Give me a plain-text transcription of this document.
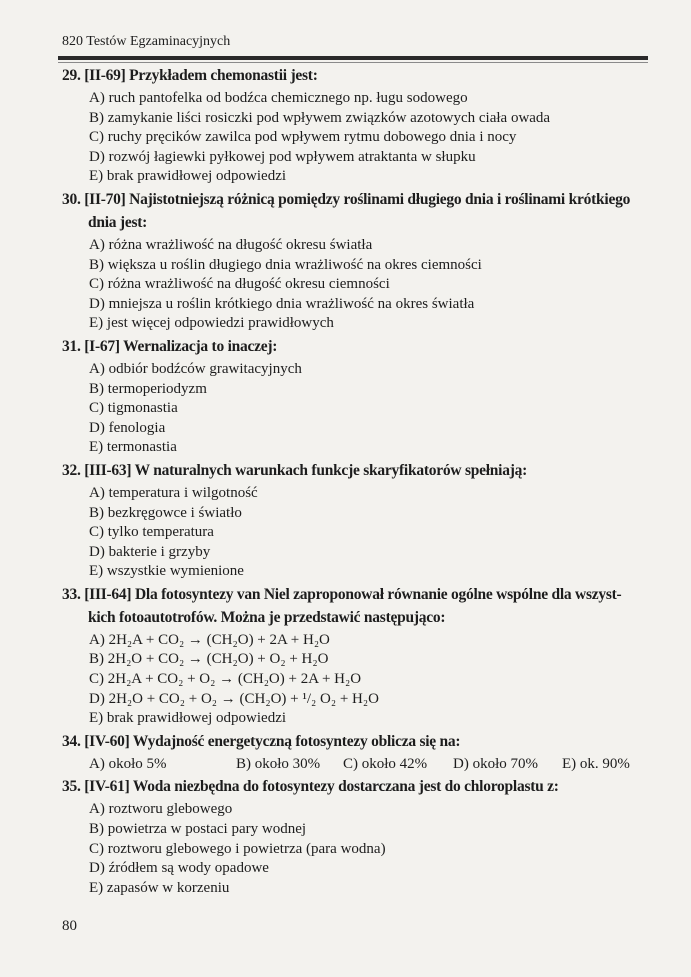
820 Testów Egzaminacyjnych
29. [II-69] Przykładem chemonastii jest:
A) ruch pantofelka od bodźca chemicznego np. ługu sodowego
B) zamykanie liści rosiczki pod wpływem związków azotowych ciała owada
C) ruchy pręcików zawilca pod wpływem rytmu dobowego dnia i nocy
D) rozwój łagiewki pyłkowej pod wpływem atraktanta w słupku
E) brak prawidłowej odpowiedzi
30. [II-70] Najistotniejszą różnicą pomiędzy roślinami długiego dnia i roślinami krótkiego
dnia jest:
A) różna wrażliwość na długość okresu światła
B) większa u roślin długiego dnia wrażliwość na okres ciemności
C) różna wrażliwość na długość okresu ciemności
D) mniejsza u roślin krótkiego dnia wrażliwość na okres światła
E) jest więcej odpowiedzi prawidłowych
31. [I-67] Wernalizacja to inaczej:
A) odbiór bodźców grawitacyjnych
B) termoperiodyzm
C) tigmonastia
D) fenologia
E) termonastia
32. [III-63] W naturalnych warunkach funkcje skaryfikatorów spełniają:
A) temperatura i wilgotność
B) bezkręgowce i światło
C) tylko temperatura
D) bakterie i grzyby
E) wszystkie wymienione
33. [III-64] Dla fotosyntezy van Niel zaproponował równanie ogólne wspólne dla wszyst-
kich fotoautotrofów. Można je przedstawić następująco:
A) 2H₂A + CO₂ → (CH₂O) + 2A + H₂O
B) 2H₂O + CO₂ → (CH₂O) + O₂ + H₂O
C) 2H₂A + CO₂ + O₂ → (CH₂O) + 2A + H₂O
D) 2H₂O + CO₂ + O₂ → (CH₂O) + ¹/₂ O₂ + H₂O
E) brak prawidłowej odpowiedzi
34. [IV-60] Wydajność energetyczną fotosyntezy oblicza się na:
A) około 5%	B) około 30%	C) około 42%	D) około 70%	E) ok. 90%
35. [IV-61] Woda niezbędna do fotosyntezy dostarczana jest do chloroplastu z:
A) roztworu glebowego
B) powietrza w postaci pary wodnej
C) roztworu glebowego i powietrza (para wodna)
D) źródłem są wody opadowe
E) zapasów w korzeniu
80
